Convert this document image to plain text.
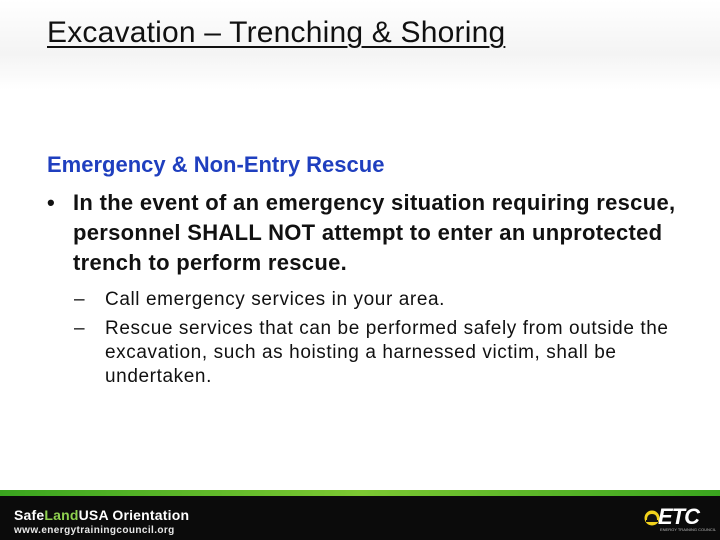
Excavation – Trenching & Shoring
Emergency & Non-Entry Rescue
• In the event of an emergency situation requiring rescue, personnel SHALL NOT attempt to enter an unprotected trench to perform rescue.
– Call emergency services in your area.
– Rescue services that can be performed safely from outside the excavation, such as hoisting a harnessed victim, shall be undertaken.
SafeLandUSA Orientation
www.energytrainingcouncil.org
ETC
ENERGY TRAINING COUNCIL
